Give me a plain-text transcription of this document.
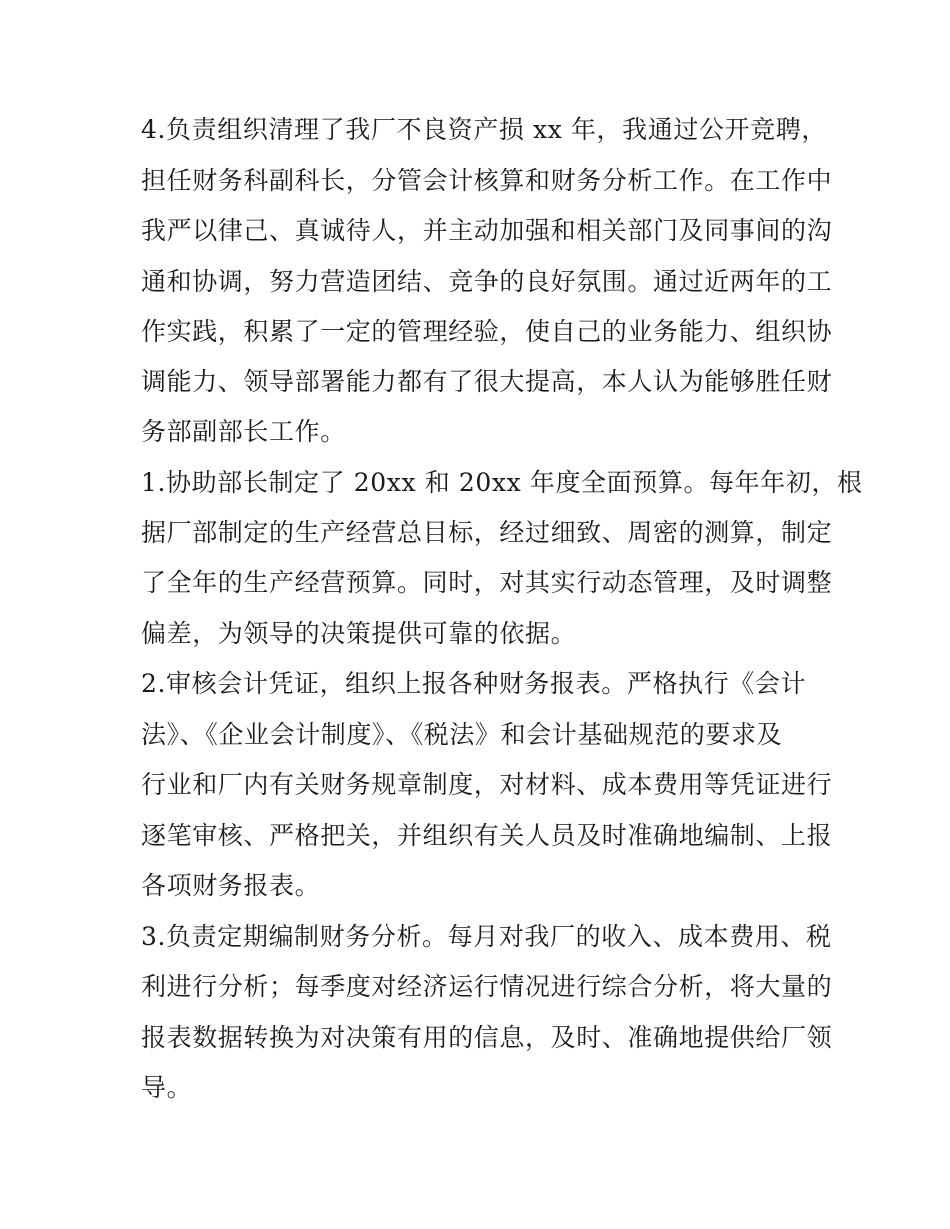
4.负责组织清理了我厂不良资产损 xx 年，我通过公开竞聘，
担任财务科副科长，分管会计核算和财务分析工作。在工作中
我严以律己、真诚待人，并主动加强和相关部门及同事间的沟
通和协调，努力营造团结、竞争的良好氛围。通过近两年的工
作实践，积累了一定的管理经验，使自己的业务能力、组织协
调能力、领导部署能力都有了很大提高，本人认为能够胜任财
务部副部长工作。
1.协助部长制定了 20xx 和 20xx 年度全面预算。每年年初，根
据厂部制定的生产经营总目标，经过细致、周密的测算，制定
了全年的生产经营预算。同时，对其实行动态管理，及时调整
偏差，为领导的决策提供可靠的依据。
2.审核会计凭证，组织上报各种财务报表。严格执行《会计
法》、《企业会计制度》、《税法》和会计基础规范的要求及
行业和厂内有关财务规章制度，对材料、成本费用等凭证进行
逐笔审核、严格把关，并组织有关人员及时准确地编制、上报
各项财务报表。
3.负责定期编制财务分析。每月对我厂的收入、成本费用、税
利进行分析；每季度对经济运行情况进行综合分析，将大量的
报表数据转换为对决策有用的信息，及时、准确地提供给厂领
导。
